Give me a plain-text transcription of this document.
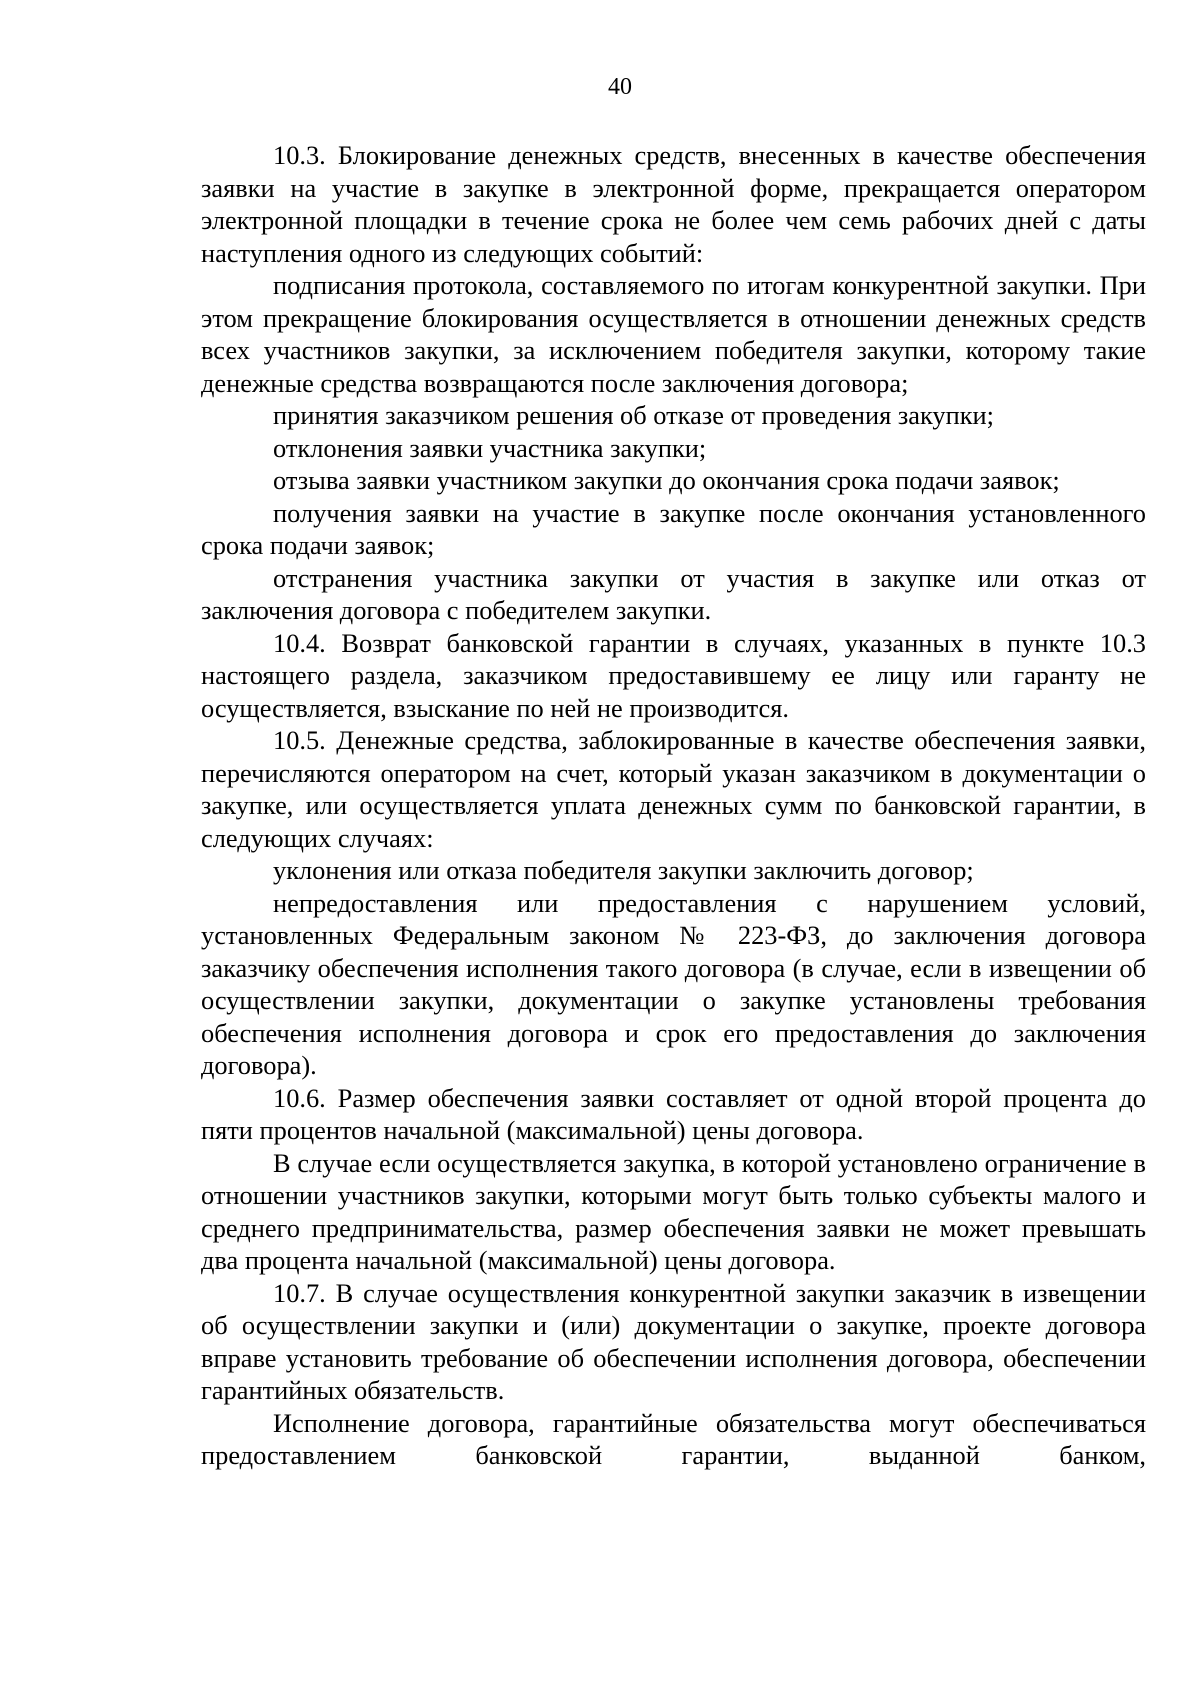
40

10.3. Блокирование денежных средств, внесенных в качестве обеспечения заявки на участие в закупке в электронной форме, прекращается оператором электронной площадки в течение срока не более чем семь рабочих дней с даты наступления одного из следующих событий:

подписания протокола, составляемого по итогам конкурентной закупки. При этом прекращение блокирования осуществляется в отношении денежных средств всех участников закупки, за исключением победителя закупки, которому такие денежные средства возвращаются после заключения договора;

принятия заказчиком решения об отказе от проведения закупки;

отклонения заявки участника закупки;

отзыва заявки участником закупки до окончания срока подачи заявок;

получения заявки на участие в закупке после окончания установленного срока подачи заявок;

отстранения участника закупки от участия в закупке или отказ от заключения договора с победителем закупки.

10.4. Возврат банковской гарантии в случаях, указанных в пункте 10.3 настоящего раздела, заказчиком предоставившему ее лицу или гаранту не осуществляется, взыскание по ней не производится.

10.5. Денежные средства, заблокированные в качестве обеспечения заявки, перечисляются оператором на счет, который указан заказчиком в документации о закупке, или осуществляется уплата денежных сумм по банковской гарантии, в следующих случаях:

уклонения или отказа победителя закупки заключить договор;

непредоставления или предоставления с нарушением условий, установленных Федеральным законом № 223-ФЗ, до заключения договора заказчику обеспечения исполнения такого договора (в случае, если в извещении об осуществлении закупки, документации о закупке установлены требования обеспечения исполнения договора и срок его предоставления до заключения договора).

10.6. Размер обеспечения заявки составляет от одной второй процента до пяти процентов начальной (максимальной) цены договора.

В случае если осуществляется закупка, в которой установлено ограничение в отношении участников закупки, которыми могут быть только субъекты малого и среднего предпринимательства, размер обеспечения заявки не может превышать два процента начальной (максимальной) цены договора.

10.7. В случае осуществления конкурентной закупки заказчик в извещении об осуществлении закупки и (или) документации о закупке, проекте договора вправе установить требование об обеспечении исполнения договора, обеспечении гарантийных обязательств.

Исполнение договора, гарантийные обязательства могут обеспечиваться предоставлением банковской гарантии, выданной банком,
